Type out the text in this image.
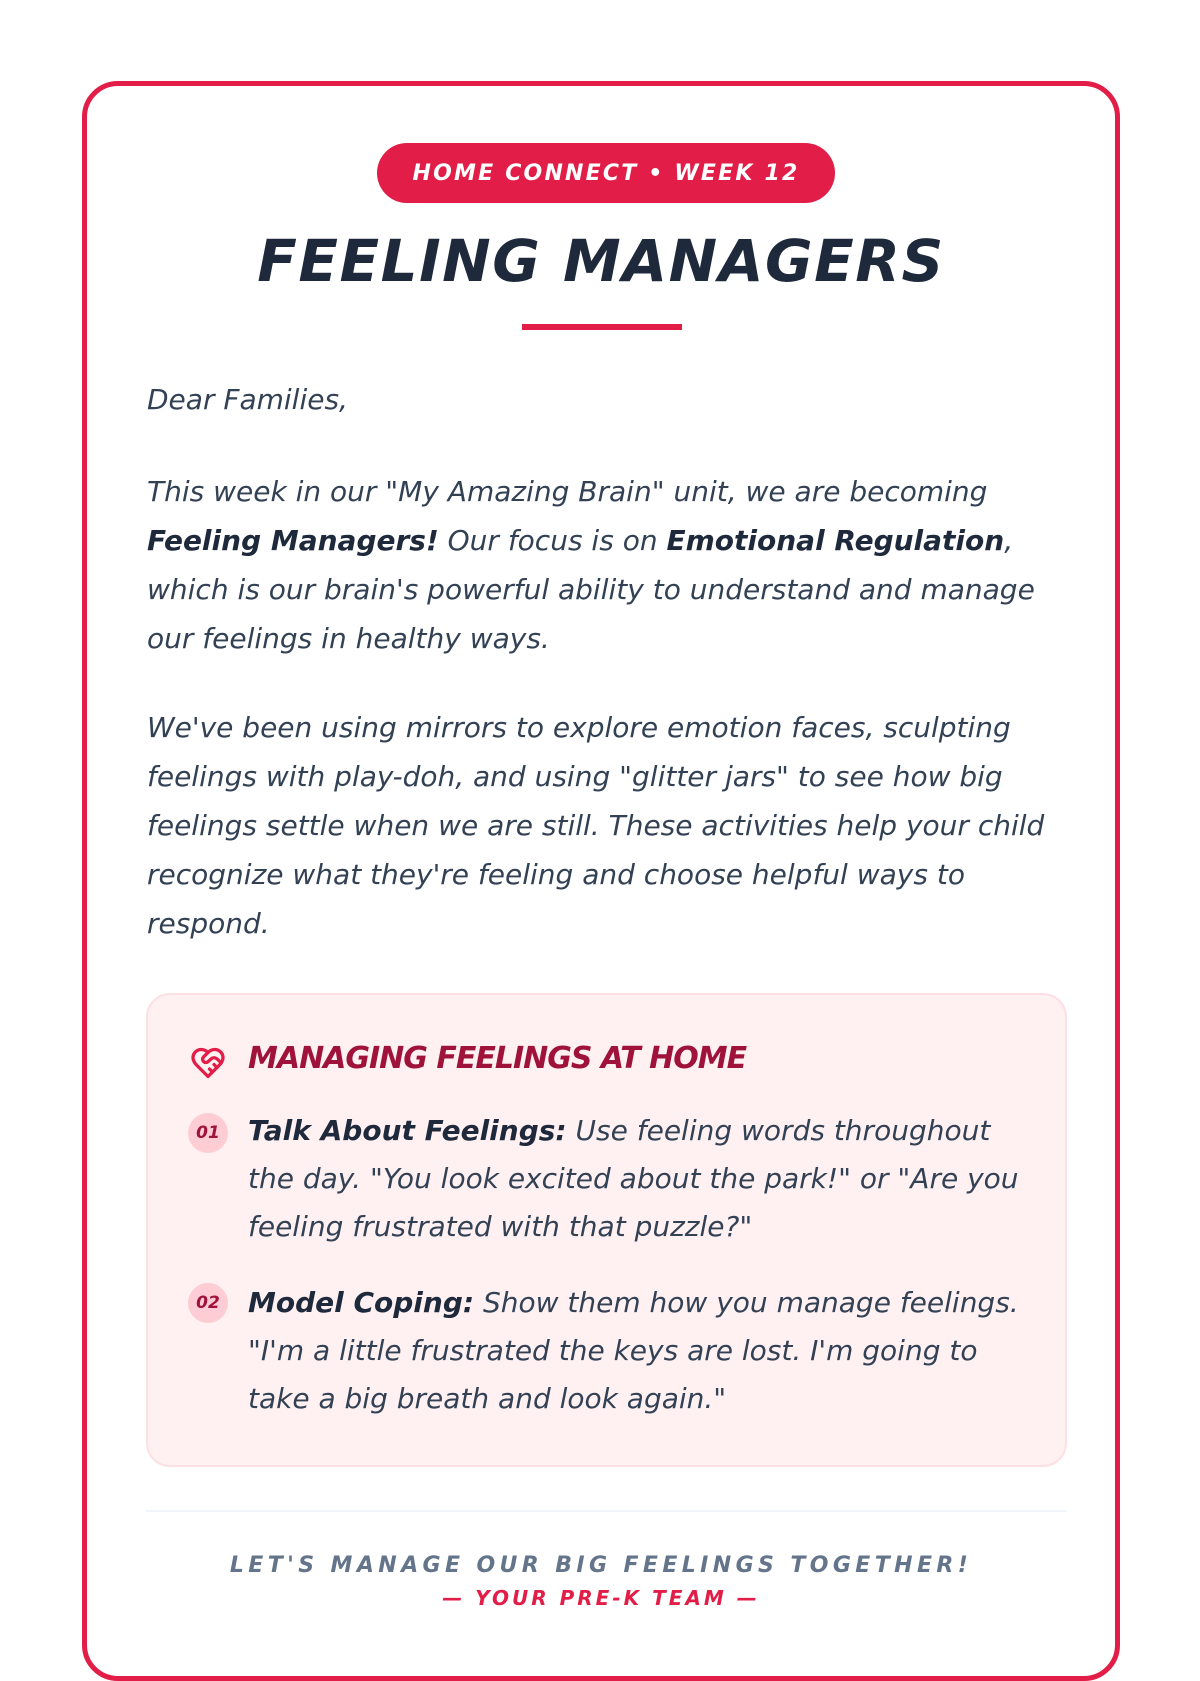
HOME CONNECT • WEEK 12
FEELING MANAGERS

Dear Families,

This week in our "My Amazing Brain" unit, we are becoming Feeling Managers! Our focus is on Emotional Regulation, which is our brain's powerful ability to understand and manage our feelings in healthy ways.

We've been using mirrors to explore emotion faces, sculpting feelings with play-doh, and using "glitter jars" to see how big feelings settle when we are still. These activities help your child recognize what they're feeling and choose helpful ways to respond.

MANAGING FEELINGS AT HOME
01 Talk About Feelings: Use feeling words throughout the day. "You look excited about the park!" or "Are you feeling frustrated with that puzzle?"

02 Model Coping: Show them how you manage feelings. "I'm a little frustrated the keys are lost. I'm going to take a big breath and look again."

LET'S MANAGE OUR BIG FEELINGS TOGETHER!

— YOUR PRE-K TEAM —
